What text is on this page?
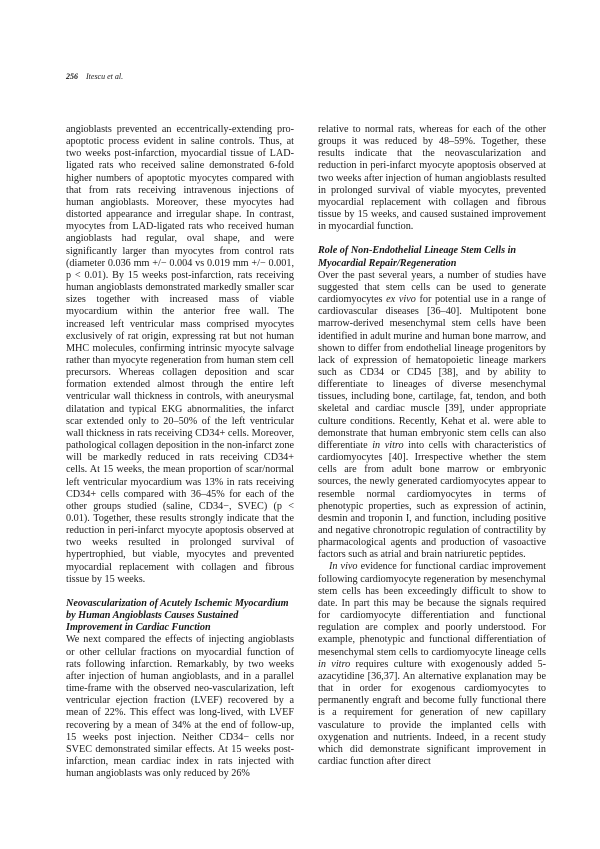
256 Itescu et al.

angioblasts prevented an eccentrically-extending pro-apoptotic process evident in saline controls. Thus, at two weeks post-infarction, myocardial tissue of LAD-ligated rats who received saline demonstrated 6-fold higher numbers of apoptotic myocytes compared with that from rats receiving intravenous injections of human angioblasts. Moreover, these myocytes had distorted appearance and irregular shape. In contrast, myocytes from LAD-ligated rats who received human angioblasts had regular, oval shape, and were significantly larger than myocytes from control rats (diameter 0.036 mm +/− 0.004 vs 0.019 mm +/− 0.001, p < 0.01). By 15 weeks post-infarction, rats receiving human angioblasts demonstrated markedly smaller scar sizes together with increased mass of viable myocardium within the anterior free wall. The increased left ventricular mass comprised myocytes exclusively of rat origin, expressing rat but not human MHC molecules, confirming intrinsic myocyte salvage rather than myocyte regeneration from human stem cell precursors. Whereas collagen deposition and scar formation extended almost through the entire left ventricular wall thickness in controls, with aneurysmal dilatation and typical EKG abnormalities, the infarct scar extended only to 20–50% of the left ventricular wall thickness in rats receiving CD34+ cells. Moreover, pathological collagen deposition in the non-infarct zone will be markedly reduced in rats receiving CD34+ cells. At 15 weeks, the mean proportion of scar/normal left ventricular myocardium was 13% in rats receiving CD34+ cells compared with 36–45% for each of the other groups studied (saline, CD34−, SVEC) (p < 0.01). Together, these results strongly indicate that the reduction in peri-infarct myocyte apoptosis observed at two weeks resulted in prolonged survival of hypertrophied, but viable, myocytes and prevented myocardial replacement with collagen and fibrous tissue by 15 weeks.

Neovascularization of Acutely Ischemic Myocardium by Human Angioblasts Causes Sustained Improvement in Cardiac Function

We next compared the effects of injecting angioblasts or other cellular fractions on myocardial function of rats following infarction. Remarkably, by two weeks after injection of human angioblasts, and in a parallel time-frame with the observed neo-vascularization, left ventricular ejection fraction (LVEF) recovered by a mean of 22%. This effect was long-lived, with LVEF recovering by a mean of 34% at the end of follow-up, 15 weeks post injection. Neither CD34− cells nor SVEC demonstrated similar effects. At 15 weeks post-infarction, mean cardiac index in rats injected with human angioblasts was only reduced by 26%

relative to normal rats, whereas for each of the other groups it was reduced by 48–59%. Together, these results indicate that the neovascularization and reduction in peri-infarct myocyte apoptosis observed at two weeks after injection of human angioblasts resulted in prolonged survival of viable myocytes, prevented myocardial replacement with collagen and fibrous tissue by 15 weeks, and caused sustained improvement in myocardial function.

Role of Non-Endothelial Lineage Stem Cells in Myocardial Repair/Regeneration

Over the past several years, a number of studies have suggested that stem cells can be used to generate cardiomyocytes ex vivo for potential use in a range of cardiovascular diseases [36–40]. Multipotent bone marrow-derived mesenchymal stem cells have been identified in adult murine and human bone marrow, and shown to differ from endothelial lineage progenitors by lack of expression of hematopoietic lineage markers such as CD34 or CD45 [38], and by ability to differentiate to lineages of diverse mesenchymal tissues, including bone, cartilage, fat, tendon, and both skeletal and cardiac muscle [39], under appropriate culture conditions. Recently, Kehat et al. were able to demonstrate that human embryonic stem cells can also differentiate in vitro into cells with characteristics of cardiomyocytes [40]. Irrespective whether the stem cells are from adult bone marrow or embryonic sources, the newly generated cardiomyocytes appear to resemble normal cardiomyocytes in terms of phenotypic properties, such as expression of actinin, desmin and troponin I, and function, including positive and negative chronotropic regulation of contractility by pharmacological agents and production of vasoactive factors such as atrial and brain natriuretic peptides.

In vivo evidence for functional cardiac improvement following cardiomyocyte regeneration by mesenchymal stem cells has been exceedingly difficult to show to date. In part this may be because the signals required for cardiomyocyte differentiation and functional regulation are complex and poorly understood. For example, phenotypic and functional differentiation of mesenchymal stem cells to cardiomyocyte lineage cells in vitro requires culture with exogenously added 5-azacytidine [36,37]. An alternative explanation may be that in order for exogenous cardiomyocytes to permanently engraft and become fully functional there is a requirement for generation of new capillary vasculature to provide the implanted cells with oxygenation and nutrients. Indeed, in a recent study which did demonstrate significant improvement in cardiac function after direct
